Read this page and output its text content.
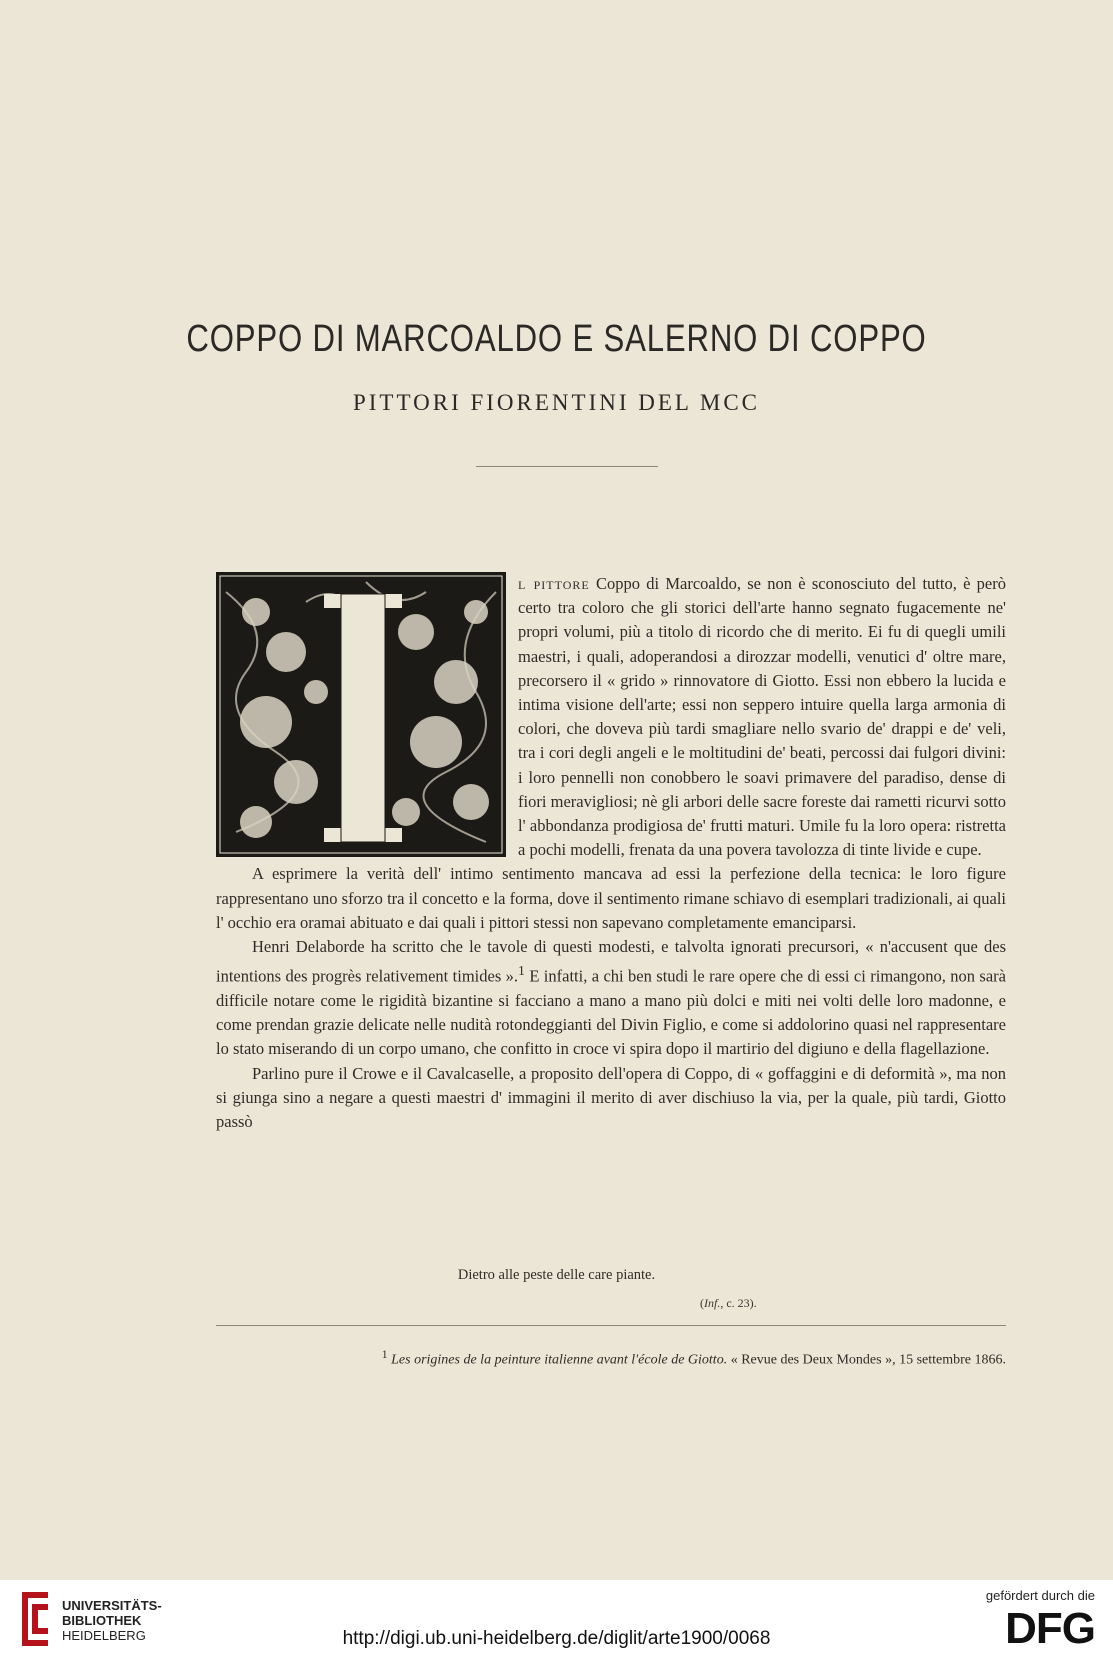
COPPO DI MARCOALDO E SALERNO DI COPPO
PITTORI FIORENTINI DEL MCC

l pittore Coppo di Marcoaldo, se non è sconosciuto del tutto, è però certo tra coloro che gli storici dell'arte hanno segnato fugacemente ne' propri volumi, più a titolo di ricordo che di merito. Ei fu di quegli umili maestri, i quali, adoperandosi a dirozzar modelli, venutici d' oltre mare, precorsero il « grido » rinnovatore di Giotto. Essi non ebbero la lucida e intima visione dell'arte; essi non seppero intuire quella larga armonia di colori, che doveva più tardi smagliare nello svario de' drappi e de' veli, tra i cori degli angeli e le moltitudini de' beati, percossi dai fulgori divini: i loro pennelli non conobbero le soavi primavere del paradiso, dense di fiori meravigliosi; nè gli arbori delle sacre foreste dai rametti ricurvi sotto l' abbondanza prodigiosa de' frutti maturi. Umile fu la loro opera: ristretta a pochi modelli, frenata da una povera tavolozza di tinte livide e cupe.

A esprimere la verità dell' intimo sentimento mancava ad essi la perfezione della tecnica: le loro figure rappresentano uno sforzo tra il concetto e la forma, dove il sentimento rimane schiavo di esemplari tradizionali, ai quali l' occhio era oramai abituato e dai quali i pittori stessi non sapevano completamente emanciparsi.

Henri Delaborde ha scritto che le tavole di questi modesti, e talvolta ignorati precursori, « n'accusent que des intentions des progrès relativement timides ».$^1$ E infatti, a chi ben studi le rare opere che di essi ci rimangono, non sarà difficile notare come le rigidità bizantine si facciano a mano a mano più dolci e miti nei volti delle loro madonne, e come prendan grazie delicate nelle nudità rotondeggianti del Divin Figlio, e come si addolorino quasi nel rappresentare lo stato miserando di un corpo umano, che confitto in croce vi spira dopo il martirio del digiuno e della flagellazione.

Parlino pure il Crowe e il Cavalcaselle, a proposito dell'opera di Coppo, di « goffaggini e di deformità », ma non si giunga sino a negare a questi maestri d' immagini il merito di aver dischiuso la via, per la quale, più tardi, Giotto passò

Dietro alle peste delle care piante.
(Inf., c. 23).
$^1$ Les origines de la peinture italienne avant l'école de Giotto. « Revue des Deux Mondes », 15 settembre 1866.
UNIVERSITÄTS-
BIBLIOTHEK
HEIDELBERG	http://digi.ub.uni-heidelberg.de/diglit/arte1900/0068
gefördert durch die
DFG
